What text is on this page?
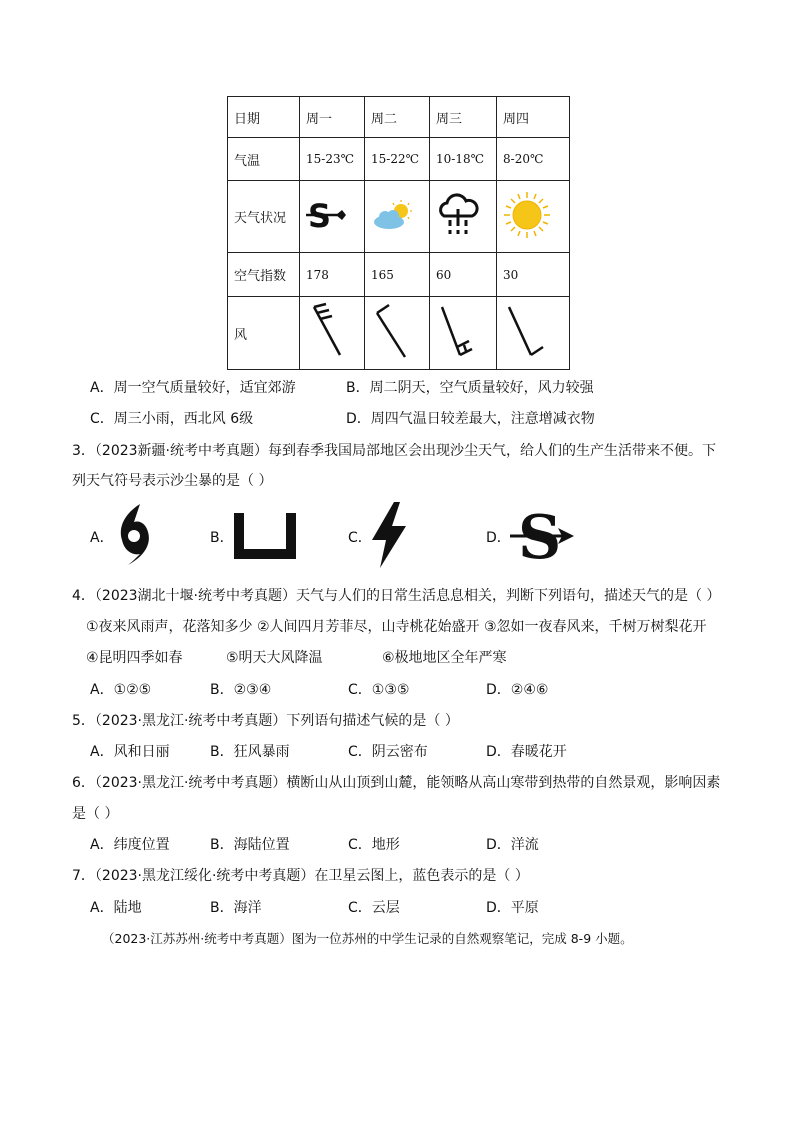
日期	周一	周二	周三	周四
气温	15-23℃	15-22℃	10-18℃	8-20℃
天气状况	S

空气指数	178	165	60	30
风				
A．周一空气质量较好，适宜郊游	B．周二阴天，空气质量较好，风力较强
C．周三小雨，西北风 6级	D．周四气温日较差最大，注意增减衣物
3．（2023新疆·统考中考真题）每到春季我国局部地区会出现沙尘天气，给人们的生产生活带来不便。下
列天气符号表示沙尘暴的是（ ）
A．	B．	C．	D． S
4．（2023湖北十堰·统考中考真题）天气与人们的日常生活息息相关，判断下列语句，描述天气的是（ ）
①夜来风雨声，花落知多少 ②人间四月芳菲尽，山寺桃花始盛开 ③忽如一夜春风来，千树万树梨花开
④昆明四季如春	⑤明天大风降温	⑥极地地区全年严寒
A．①②⑤	B．②③④	C．①③⑤	D．②④⑥
5．（2023·黑龙江·统考中考真题）下列语句描述气候的是（ ）
A．风和日丽	B．狂风暴雨	C．阴云密布	D．春暖花开
6．（2023·黑龙江·统考中考真题）横断山从山顶到山麓，能领略从高山寒带到热带的自然景观，影响因素
是（ ）
A．纬度位置	B．海陆位置	C．地形	D．洋流
7．（2023·黑龙江绥化·统考中考真题）在卫星云图上，蓝色表示的是（ ）
A．陆地	B．海洋	C．云层	D．平原
（2023·江苏苏州·统考中考真题）图为一位苏州的中学生记录的自然观察笔记，完成 8-9 小题。
